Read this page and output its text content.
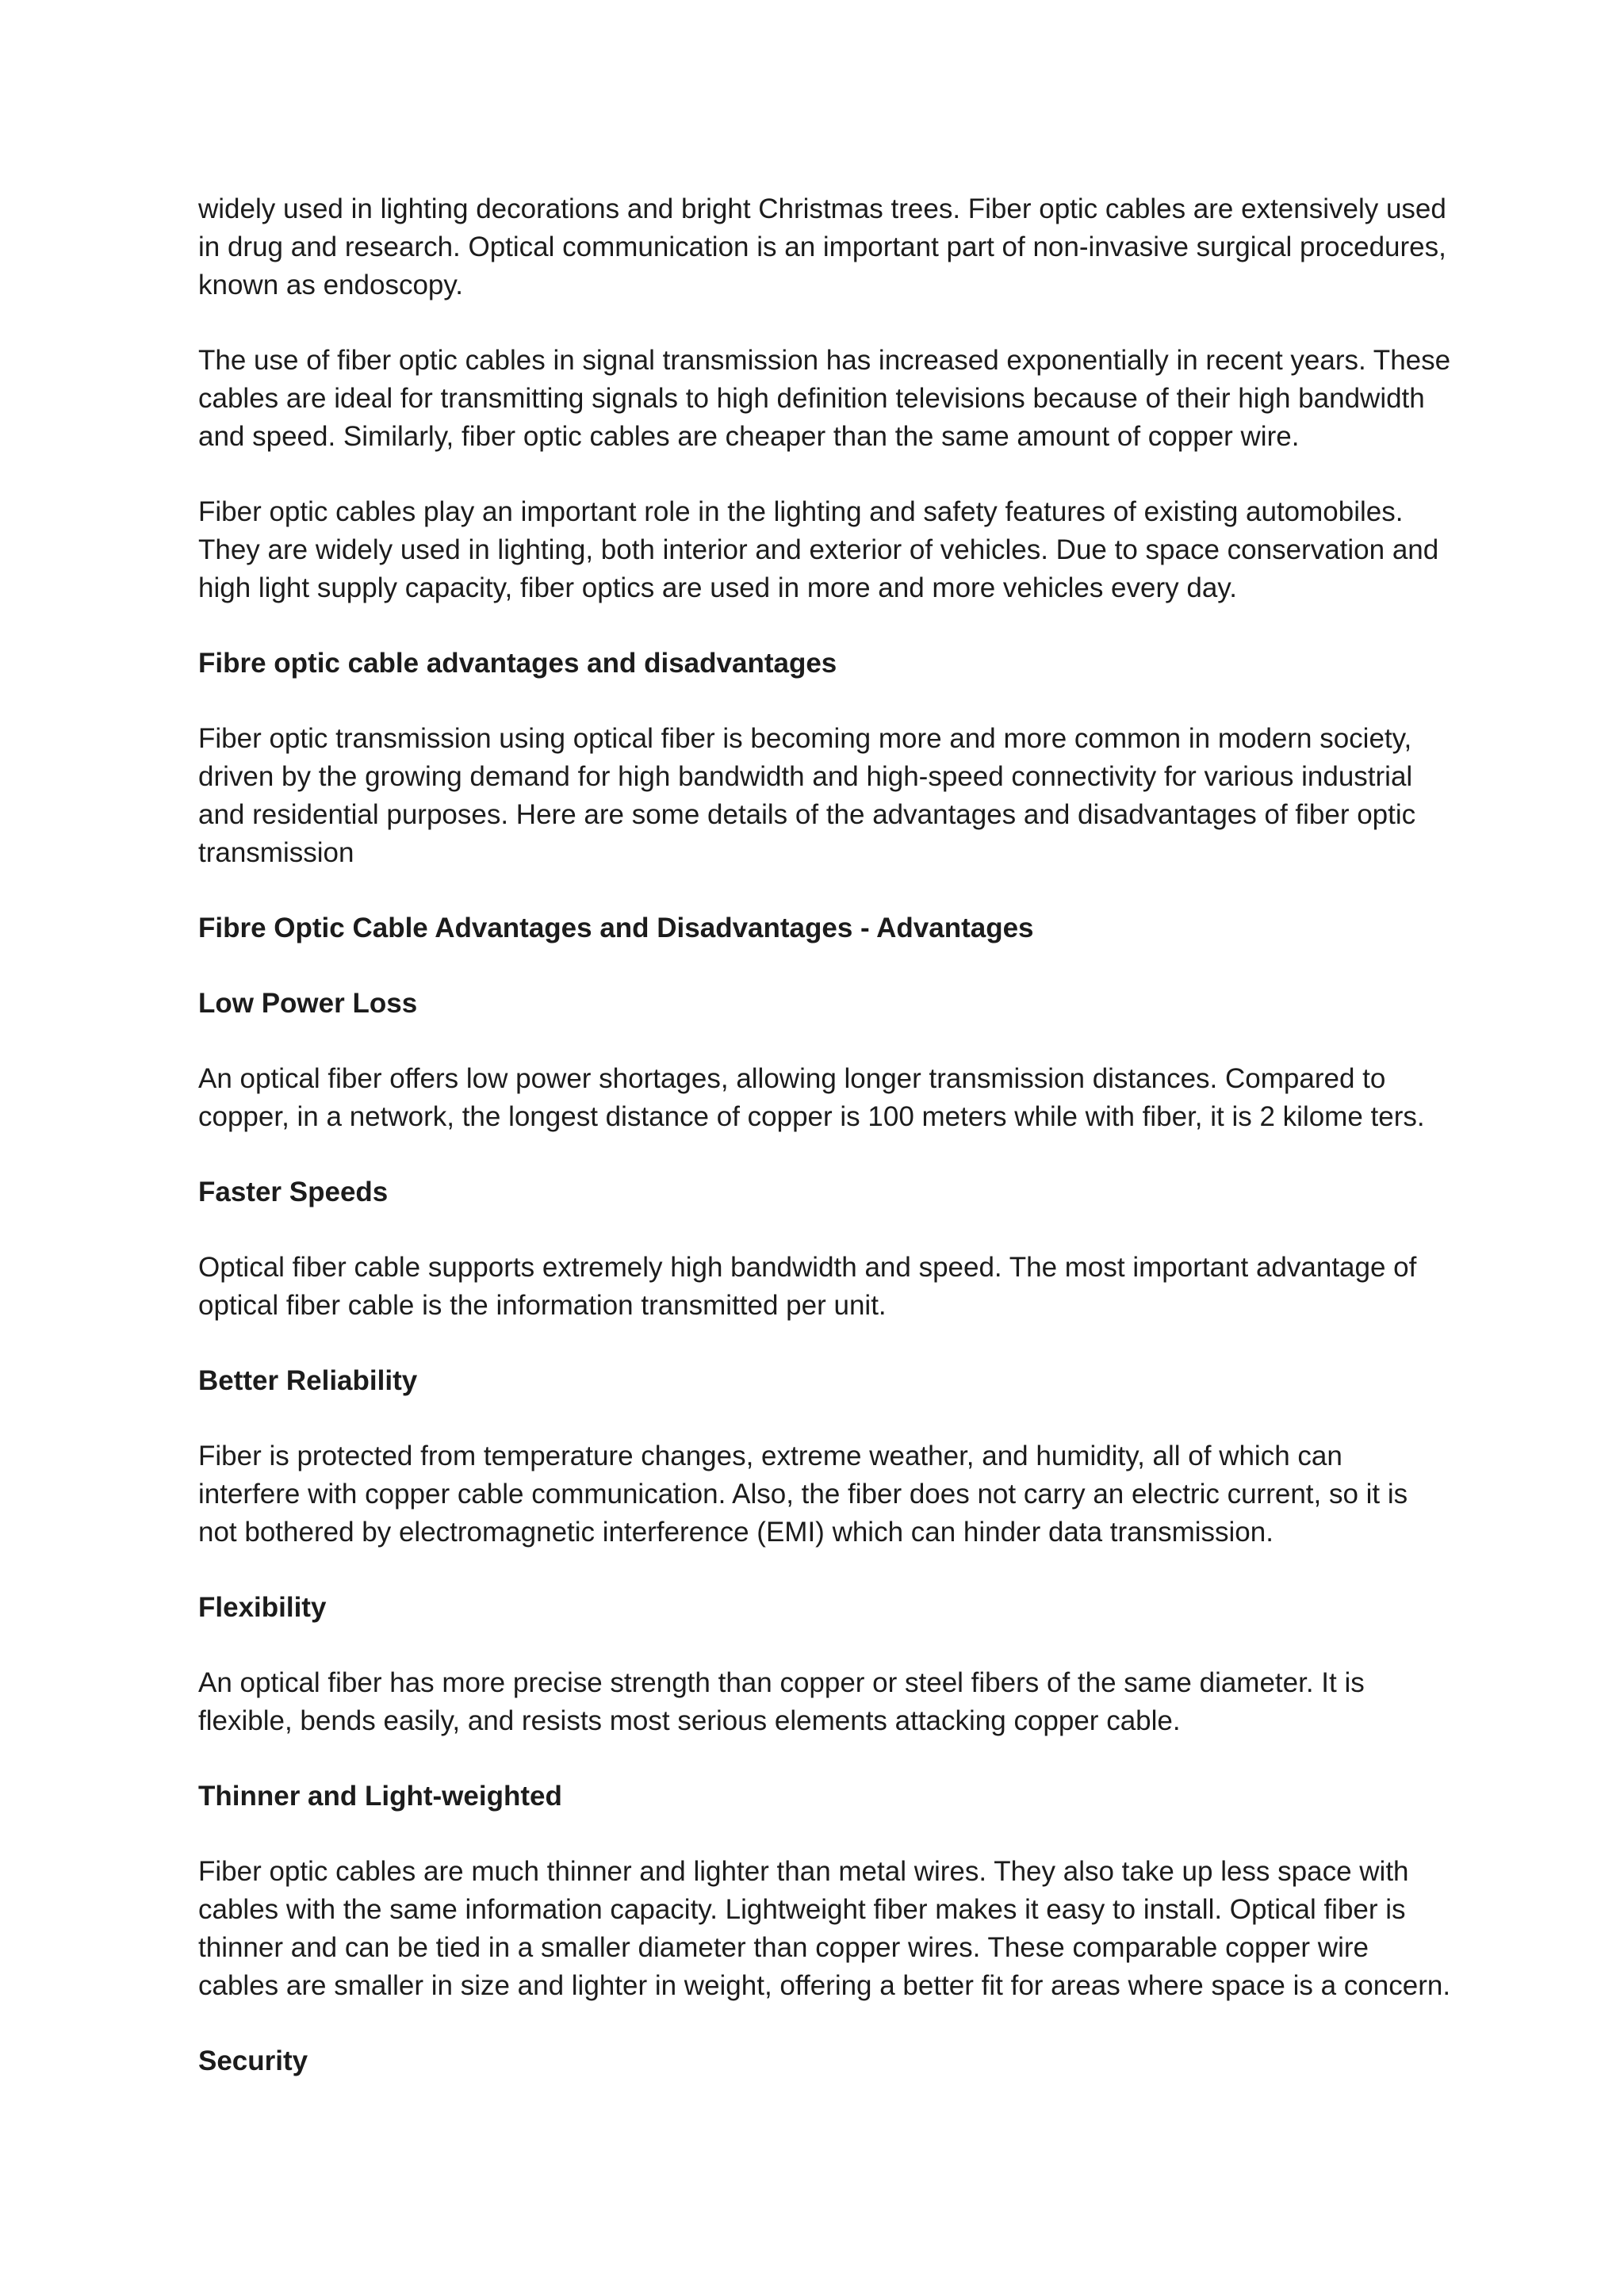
widely used in lighting decorations and bright Christmas trees. Fiber optic cables are extensively used in drug and research. Optical communication is an important part of non-invasive surgical procedures, known as endoscopy.

The use of fiber optic cables in signal transmission has increased exponentially in recent years. These cables are ideal for transmitting signals to high definition televisions because of their high bandwidth and speed. Similarly, fiber optic cables are cheaper than the same amount of copper wire.

Fiber optic cables play an important role in the lighting and safety features of existing automobiles. They are widely used in lighting, both interior and exterior of vehicles. Due to space conservation and high light supply capacity, fiber optics are used in more and more vehicles every day.

Fibre optic cable advantages and disadvantages

Fiber optic transmission using optical fiber is becoming more and more common in modern society, driven by the growing demand for high bandwidth and high-speed connectivity for various industrial and residential purposes. Here are some details of the advantages and disadvantages of fiber optic transmission

Fibre Optic Cable Advantages and Disadvantages - Advantages

Low Power Loss

An optical fiber offers low power shortages, allowing longer transmission distances. Compared to copper, in a network, the longest distance of copper is 100 meters while with fiber, it is 2 kilome ters.

Faster Speeds

Optical fiber cable supports extremely high bandwidth and speed. The most important advantage of optical fiber cable is the information transmitted per unit.

Better Reliability

Fiber is protected from temperature changes, extreme weather, and humidity, all of which can interfere with copper cable communication. Also, the fiber does not carry an electric current, so it is not bothered by electromagnetic interference (EMI) which can hinder data transmission.

Flexibility

An optical fiber has more precise strength than copper or steel fibers of the same diameter. It is flexible, bends easily, and resists most serious elements attacking copper cable.

Thinner and Light-weighted

Fiber optic cables are much thinner and lighter than metal wires. They also take up less space with cables with the same information capacity. Lightweight fiber makes it easy to install. Optical fiber is thinner and can be tied in a smaller diameter than copper wires. These comparable copper wire cables are smaller in size and lighter in weight, offering a better fit for areas where space is a concern.

Security
